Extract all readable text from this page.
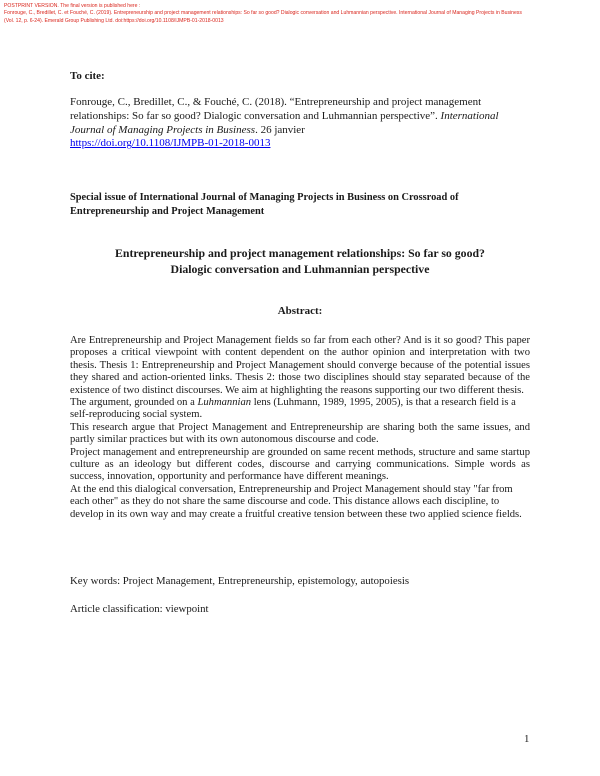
POSTPRINT VERSION. The final version is published here :
Fonrouge, C., Bredillet, C. et Fouché, C. (2019). Entrepreneurship and project management relationships: So far so good? Dialogic conversation and Luhmannian perspective. International Journal of Managing Projects in Business
(Vol. 12, p. 6-24). Emerald Group Publishing Ltd. doi:https://doi.org/10.1108/IJMPB-01-2018-0013
To cite:
Fonrouge, C., Bredillet, C., & Fouché, C. (2018). “Entrepreneurship and project management relationships: So far so good? Dialogic conversation and Luhmannian perspective”. International Journal of Managing Projects in Business. 26 janvier
https://doi.org/10.1108/IJMPB-01-2018-0013
Special issue of International Journal of Managing Projects in Business on Crossroad of Entrepreneurship and Project Management
Entrepreneurship and project management relationships: So far so good?
Dialogic conversation and Luhmannian perspective
Abstract:

Are Entrepreneurship and Project Management fields so far from each other? And is it so good? This paper proposes a critical viewpoint with content dependent on the author opinion and interpretation with two thesis. Thesis 1: Entrepreneurship and Project Management should converge because of the potential issues they shared and action-oriented links. Thesis 2: those two disciplines should stay separated because of the existence of two distinct discourses. We aim at highlighting the reasons supporting our two different thesis.

The argument, grounded on a Luhmannian lens (Luhmann, 1989, 1995, 2005), is that a research field is a self-reproducing social system.

This research argue that Project Management and Entrepreneurship are sharing both the same issues, and partly similar practices but with its own autonomous discourse and code.

Project management and entrepreneurship are grounded on same recent methods, structure and same startup culture as an ideology but different codes, discourse and carrying communications. Simple words as success, innovation, opportunity and performance have different meanings.

At the end this dialogical conversation, Entrepreneurship and Project Management should stay "far from each other" as they do not share the same discourse and code. This distance allows each discipline, to develop in its own way and may create a fruitful creative tension between these two applied science fields.

Key words: Project Management, Entrepreneurship, epistemology, autopoiesis
Article classification: viewpoint
1
